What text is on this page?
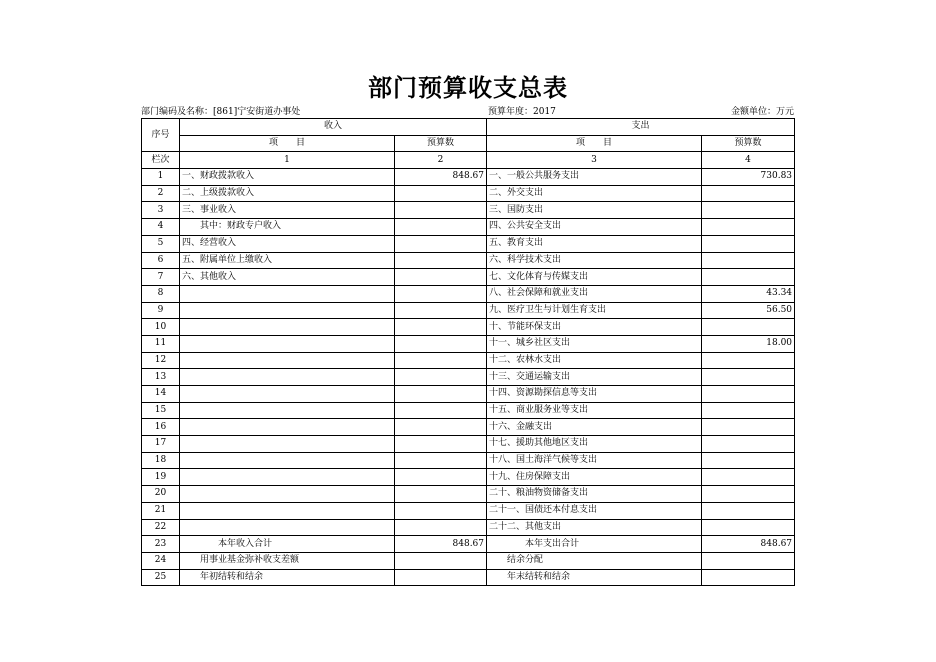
部门预算收支总表
部门编码及名称：[861]宁安街道办事处	预算年度：2017	金额单位：万元
序号	收入		支出	
	项　　目	预算数	项　　目	预算数
栏次	1	2	3	4
1	一、财政拨款收入	848.67	一、一般公共服务支出	730.83
2	二、上级拨款收入		二、外交支出	
3	三、事业收入		三、国防支出	
4	　　其中：财政专户收入		四、公共安全支出	
5	四、经营收入		五、教育支出	
6	五、附属单位上缴收入		六、科学技术支出	
7	六、其他收入		七、文化体育与传媒支出	
8			八、社会保障和就业支出	43.34
9			九、医疗卫生与计划生育支出	56.50
10			十、节能环保支出	
11			十一、城乡社区支出	18.00
12			十二、农林水支出	
13			十三、交通运输支出	
14			十四、资源勘探信息等支出	
15			十五、商业服务业等支出	
16			十六、金融支出	
17			十七、援助其他地区支出	
18			十八、国土海洋气候等支出	
19			十九、住房保障支出	
20			二十、粮油物资储备支出	
21			二十一、国债还本付息支出	
22			二十二、其他支出	
23	　　　　本年收入合计	848.67	　　　　本年支出合计	848.67
24	　　用事业基金弥补收支差额		　　结余分配	
25	　　年初结转和结余		　　年末结转和结余	
